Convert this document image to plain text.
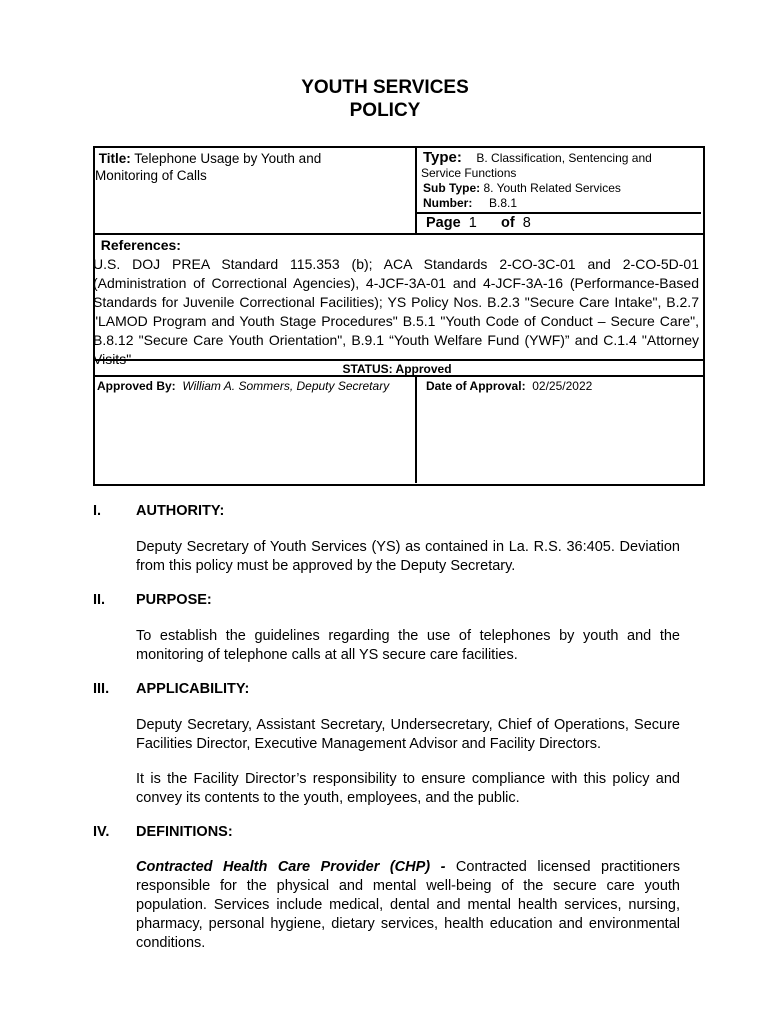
YOUTH SERVICES
POLICY
Title: Telephone Usage by Youth and
Monitoring of Calls
Type: B. Classification, Sentencing and
Service Functions
Sub Type: 8. Youth Related Services
Number: B.8.1
Page 1 of 8
References:
U.S. DOJ PREA Standard 115.353 (b); ACA Standards 2-CO-3C-01 and 2-CO-5D-01 (Administration of Correctional Agencies), 4-JCF-3A-01 and 4-JCF-3A-16 (Performance-Based Standards for Juvenile Correctional Facilities); YS Policy Nos. B.2.3 "Secure Care Intake", B.2.7 "LAMOD Program and Youth Stage Procedures" B.5.1 "Youth Code of Conduct – Secure Care", B.8.12 "Secure Care Youth Orientation", B.9.1 “Youth Welfare Fund (YWF)” and C.1.4 "Attorney Visits"
STATUS: Approved
Approved By: William A. Sommers, Deputy Secretary	Date of Approval: 02/25/2022
I. AUTHORITY:
Deputy Secretary of Youth Services (YS) as contained in La. R.S. 36:405. Deviation from this policy must be approved by the Deputy Secretary.
II. PURPOSE:
To establish the guidelines regarding the use of telephones by youth and the monitoring of telephone calls at all YS secure care facilities.
III. APPLICABILITY:
Deputy Secretary, Assistant Secretary, Undersecretary, Chief of Operations, Secure Facilities Director, Executive Management Advisor and Facility Directors.
It is the Facility Director’s responsibility to ensure compliance with this policy and convey its contents to the youth, employees, and the public.
IV. DEFINITIONS:
Contracted Health Care Provider (CHP) - Contracted licensed practitioners responsible for the physical and mental well-being of the secure care youth population. Services include medical, dental and mental health services, nursing, pharmacy, personal hygiene, dietary services, health education and environmental conditions.
